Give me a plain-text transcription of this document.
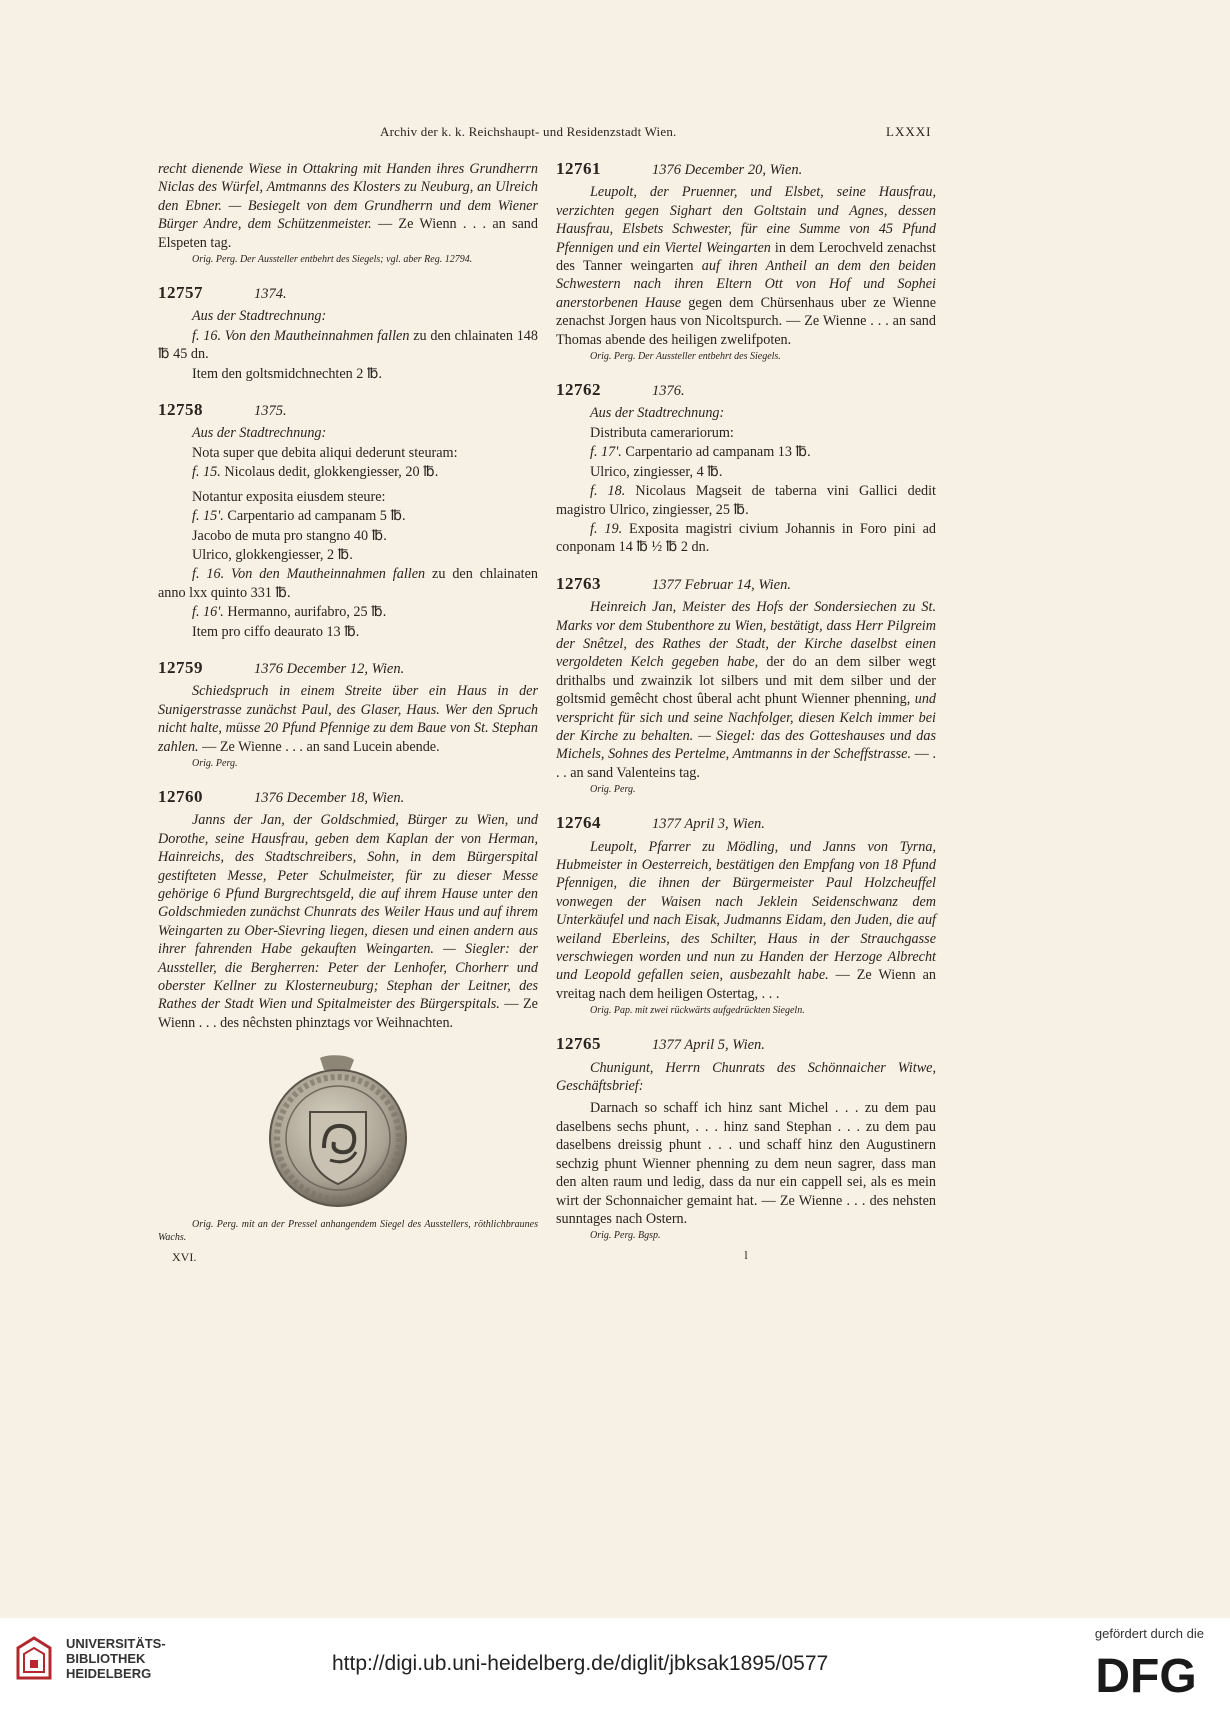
Archiv der k. k. Reichshaupt- und Residenzstadt Wien.	LXXXI

recht dienende Wiese in Ottakring mit Handen ihres Grundherrn Niclas des Würfel, Amtmanns des Klosters zu Neuburg, an Ulreich den Ebner. — Besiegelt von dem Grundherrn und dem Wiener Bürger Andre, dem Schützenmeister. — Ze Wienn . . . an sand Elspeten tag.

Orig. Perg. Der Aussteller entbehrt des Siegels; vgl. aber Reg. 12794.

12757	1374.

Aus der Stadtrechnung:

f. 16. Von den Mautheinnahmen fallen zu den chlainaten 148 ℔ 45 dn.

Item den goltsmidchnechten 2 ℔.

12758	1375.

Aus der Stadtrechnung:

Nota super que debita aliqui dederunt steuram:

f. 15. Nicolaus dedit, glokkengiesser, 20 ℔.

Notantur exposita eiusdem steure:

f. 15'. Carpentario ad campanam 5 ℔.

Jacobo de muta pro stangno 40 ℔.

Ulrico, glokkengiesser, 2 ℔.

f. 16. Von den Mautheinnahmen fallen zu den chlainaten anno lxx quinto 331 ℔.

f. 16'. Hermanno, aurifabro, 25 ℔.

Item pro ciffo deaurato 13 ℔.

12759	1376 December 12, Wien.

Schiedspruch in einem Streite über ein Haus in der Sunigerstrasse zunächst Paul, des Glaser, Haus. Wer den Spruch nicht halte, müsse 20 Pfund Pfennige zu dem Baue von St. Stephan zahlen. — Ze Wienne . . . an sand Lucein abende.

Orig. Perg.

12760	1376 December 18, Wien.

Janns der Jan, der Goldschmied, Bürger zu Wien, und Dorothe, seine Hausfrau, geben dem Kaplan der von Herman, Hainreichs, des Stadtschreibers, Sohn, in dem Bürgerspital gestifteten Messe, Peter Schulmeister, für zu dieser Messe gehörige 6 Pfund Burgrechtsgeld, die auf ihrem Hause unter den Goldschmieden zunächst Chunrats des Weiler Haus und auf ihrem Weingarten zu Ober-Sievring liegen, diesen und einen andern aus ihrer fahrenden Habe gekauften Weingarten. — Siegler: der Aussteller, die Bergherren: Peter der Lenhofer, Chorherr und oberster Kellner zu Klosterneuburg; Stephan der Leitner, des Rathes der Stadt Wien und Spitalmeister des Bürgerspitals. — Ze Wienn . . . des nêchsten phinztags vor Weihnachten.

Orig. Perg. mit an der Pressel anhangendem Siegel des Ausstellers, röthlichbraunes Wachs.

XVI.

12761	1376 December 20, Wien.

Leupolt, der Pruenner, und Elsbet, seine Hausfrau, verzichten gegen Sighart den Goltstain und Agnes, dessen Hausfrau, Elsbets Schwester, für eine Summe von 45 Pfund Pfennigen und ein Viertel Weingarten in dem Lerochveld zenachst des Tanner weingarten auf ihren Antheil an dem den beiden Schwestern nach ihren Eltern Ott von Hof und Sophei anerstorbenen Hause gegen dem Chürsenhaus uber ze Wienne zenachst Jorgen haus von Nicoltspurch. — Ze Wienne . . . an sand Thomas abende des heiligen zwelifpoten.

Orig. Perg. Der Aussteller entbehrt des Siegels.

12762	1376.

Aus der Stadtrechnung:

Distributa camerariorum:

f. 17'. Carpentario ad campanam 13 ℔.

Ulrico, zingiesser, 4 ℔.

f. 18. Nicolaus Magseit de taberna vini Gallici dedit magistro Ulrico, zingiesser, 25 ℔.

f. 19. Exposita magistri civium Johannis in Foro pini ad conponam 14 ℔ ½ ℔ 2 dn.

12763	1377 Februar 14, Wien.

Heinreich Jan, Meister des Hofs der Sondersiechen zu St. Marks vor dem Stubenthore zu Wien, bestätigt, dass Herr Pilgreim der Snêtzel, des Rathes der Stadt, der Kirche daselbst einen vergoldeten Kelch gegeben habe, der do an dem silber wegt drithalbs und zwainzik lot silbers und mit dem silber und der goltsmid gemêcht chost ûberal acht phunt Wienner phenning, und verspricht für sich und seine Nachfolger, diesen Kelch immer bei der Kirche zu behalten. — Siegel: das des Gotteshauses und das Michels, Sohnes des Pertelme, Amtmanns in der Scheffstrasse. — . . . an sand Valenteins tag.

Orig. Perg.

12764	1377 April 3, Wien.

Leupolt, Pfarrer zu Mödling, und Janns von Tyrna, Hubmeister in Oesterreich, bestätigen den Empfang von 18 Pfund Pfennigen, die ihnen der Bürgermeister Paul Holzcheuffel vonwegen der Waisen nach Jeklein Seidenschwanz dem Unterkäufel und nach Eisak, Judmanns Eidam, den Juden, die auf weiland Eberleins, des Schilter, Haus in der Strauchgasse verschwiegen worden und nun zu Handen der Herzoge Albrecht und Leopold gefallen seien, ausbezahlt habe. — Ze Wienn an vreitag nach dem heiligen Ostertag, . . .

Orig. Pap. mit zwei rückwärts aufgedrückten Siegeln.

12765	1377 April 5, Wien.

Chunigunt, Herrn Chunrats des Schönnaicher Witwe, Geschäftsbrief:

Darnach so schaff ich hinz sant Michel . . . zu dem pau daselbens sechs phunt, . . . hinz sand Stephan . . . zu dem pau daselbens dreissig phunt . . . und schaff hinz den Augustinern sechzig phunt Wienner phenning zu dem neun sagrer, dass man den alten raum und ledig, dass da nur ein cappell sei, als es mein wirt der Schonnaicher gemaint hat. — Ze Wienne . . . des nehsten sunntages nach Ostern.

Orig. Perg. Bgsp.

l

UNIVERSITÄTS-
BIBLIOTHEK
HEIDELBERG	http://digi.ub.uni-heidelberg.de/diglit/jbksak1895/0577
gefördert durch die
DFG
